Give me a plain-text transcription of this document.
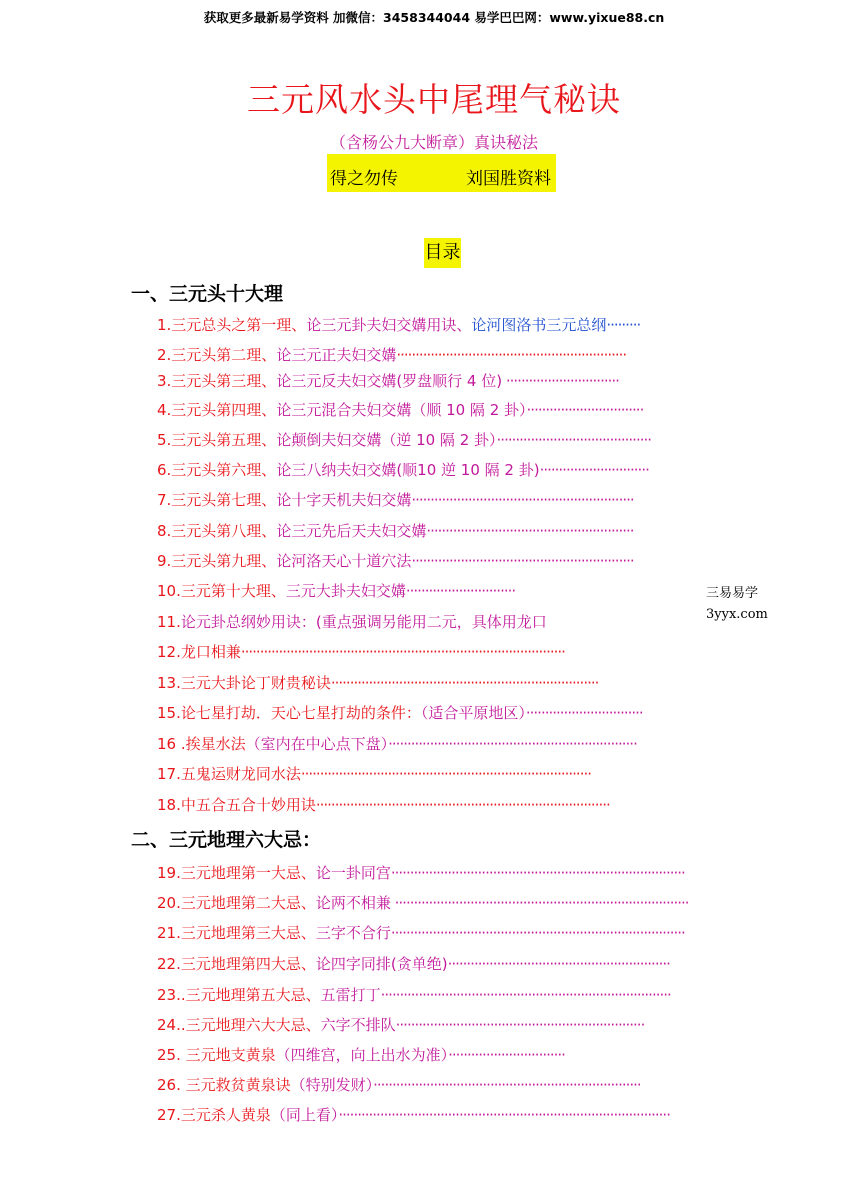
获取更多最新易学资料 加微信：3458344044 易学巴巴网：www.yixue88.cn
三元风水头中尾理气秘诀
（含杨公九大断章）真诀秘法
得之勿传	刘国胜资料
目录
一、三元头十大理
二、三元地理六大忌：
1.三元总头之第一理、论三元卦夫妇交媾用诀、论河图洛书三元总纲·········
2.三元头第二理、论三元正夫妇交媾·····························································
3.三元头第三理、论三元反夫妇交媾(罗盘顺行 4 位) ······························
4.三元头第四理、论三元混合夫妇交媾（顺 10 隔 2 卦）·······························
5.三元头第五理、论颠倒夫妇交媾（逆 10 隔 2 卦）·········································
6.三元头第六理、论三八纳夫妇交媾(顺10 逆 10 隔 2 卦)·····························
7.三元头第七理、论十字天机夫妇交媾···························································
8.三元头第八理、论三元先后天夫妇交媾·······················································
9.三元头第九理、论河洛天心十道穴法···························································
10.三元第十大理、三元大卦夫妇交媾·····························
11.论元卦总纲妙用诀：(重点强调另能用二元，具体用龙口
12.龙口相兼······················································································
13.三元大卦论丁财贵秘诀·······································································
15.论七星打劫．天心七星打劫的条件：（适合平原地区）·······························
16 .挨星水法（室内在中心点下盘）··································································
17.五鬼运财龙同水法·············································································
18.中五合五合十妙用诀··············································································
19.三元地理第一大忌、论一卦同宫··············································································
20.三元地理第二大忌、论两不相兼 ··············································································
21.三元地理第三大忌、三字不合行··············································································
22.三元地理第四大忌、论四字同排(贪单绝)···························································
23..三元地理第五大忌、五雷打丁·············································································
24..三元地理六大大忌、六字不排队··································································
25. 三元地支黄泉（四维宫，向上出水为准）·······························
26. 三元救贫黄泉诀（特别发财）·······································································
27.三元杀人黄泉（同上看）························································································
三易易学
3yyx.com
